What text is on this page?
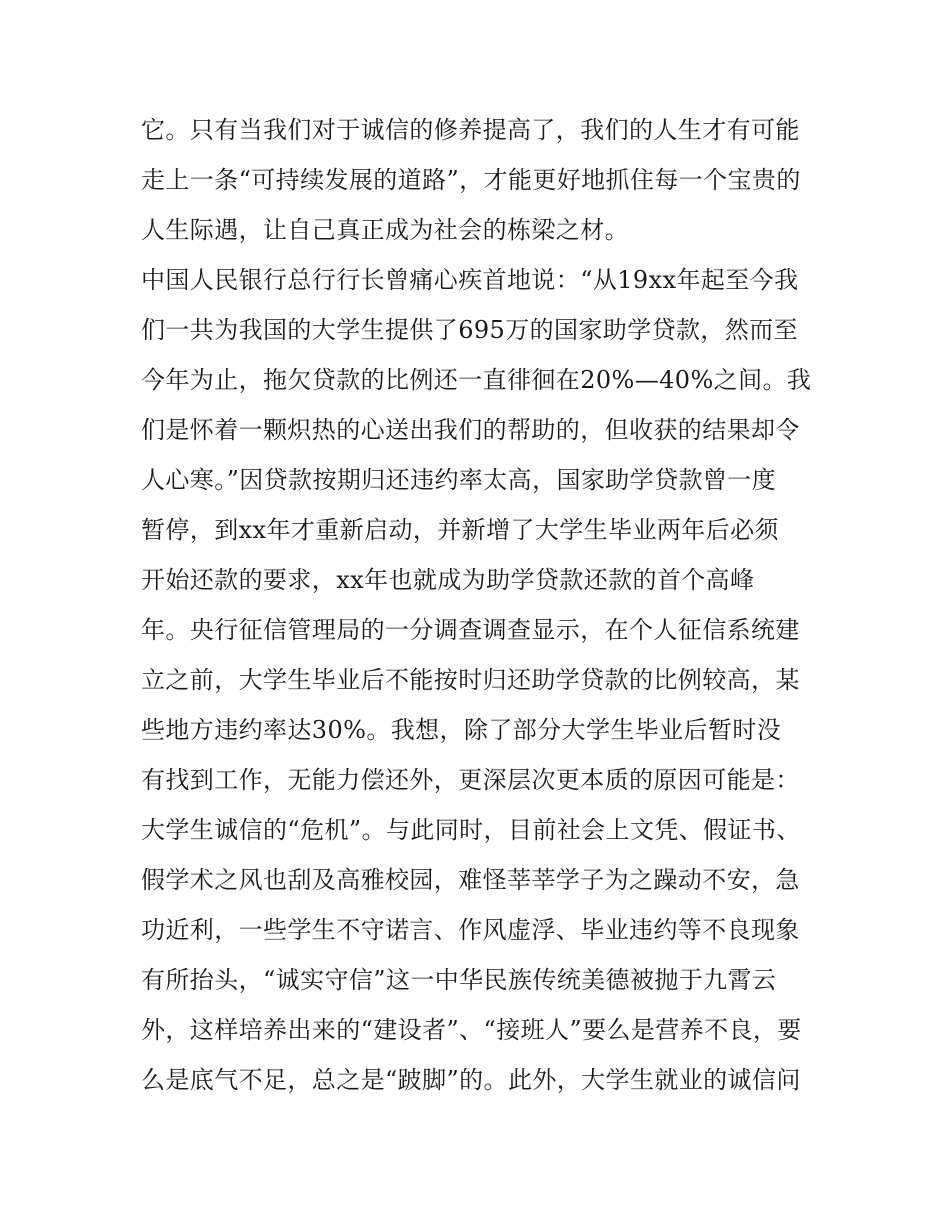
它。只有当我们对于诚信的修养提高了，我们的人生才有可能
走上一条“可持续发展的道路”，才能更好地抓住每一个宝贵的
人生际遇，让自己真正成为社会的栋梁之材。
中国人民银行总行行长曾痛心疾首地说：“从19xx年起至今我
们一共为我国的大学生提供了695万的国家助学贷款，然而至
今年为止，拖欠贷款的比例还一直徘徊在20%—40%之间。我
们是怀着一颗炽热的心送出我们的帮助的，但收获的结果却令
人心寒。”因贷款按期归还违约率太高，国家助学贷款曾一度
暂停，到xx年才重新启动，并新增了大学生毕业两年后必须
开始还款的要求，xx年也就成为助学贷款还款的首个高峰
年。央行征信管理局的一分调查调查显示，在个人征信系统建
立之前，大学生毕业后不能按时归还助学贷款的比例较高，某
些地方违约率达30%。我想，除了部分大学生毕业后暂时没
有找到工作，无能力偿还外，更深层次更本质的原因可能是：
大学生诚信的“危机”。与此同时，目前社会上文凭、假证书、
假学术之风也刮及高雅校园，难怪莘莘学子为之躁动不安，急
功近利，一些学生不守诺言、作风虚浮、毕业违约等不良现象
有所抬头，“诚实守信”这一中华民族传统美德被抛于九霄云
外，这样培养出来的“建设者”、“接班人”要么是营养不良，要
么是底气不足，总之是“跛脚”的。此外，大学生就业的诚信问
